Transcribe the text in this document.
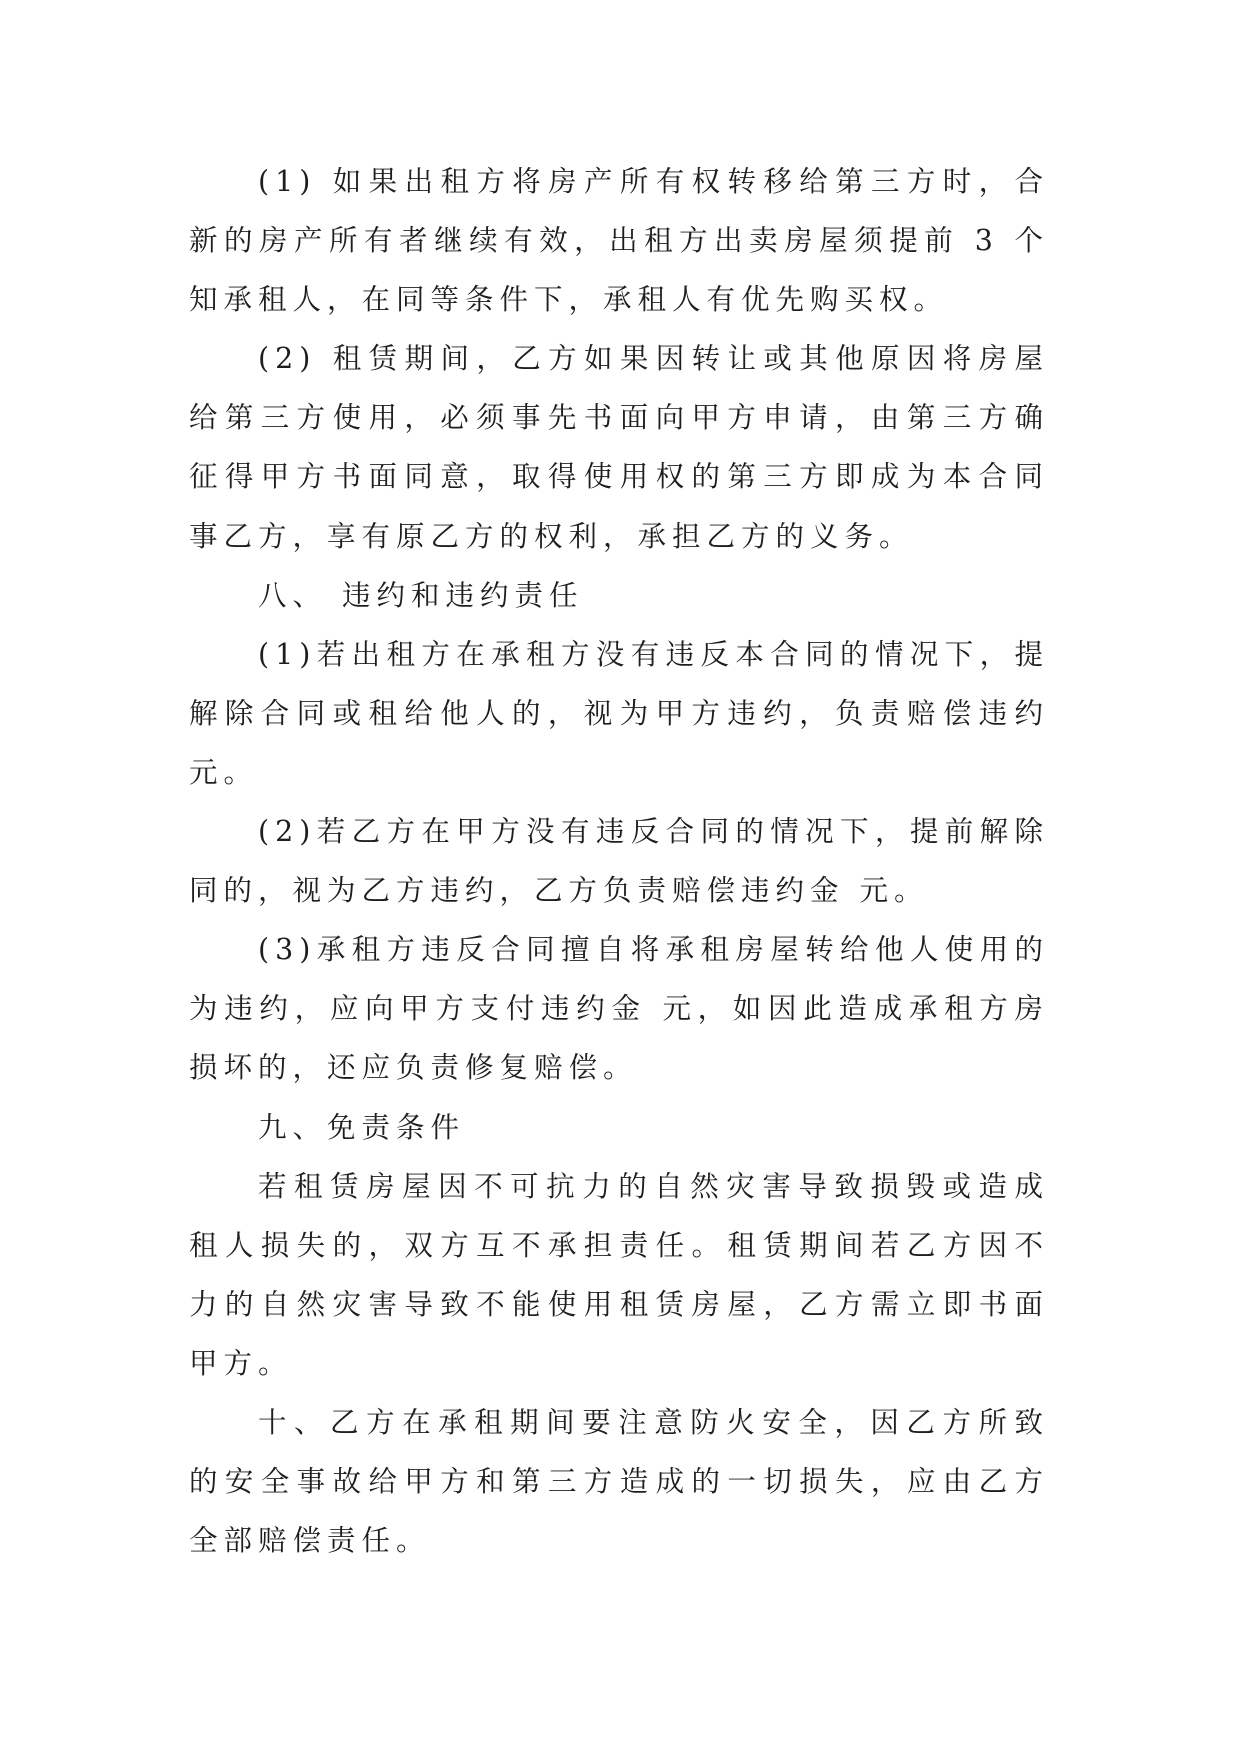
(1) 如果出租方将房产所有权转移给第三方时，合
新的房产所有者继续有效，出租方出卖房屋须提前 3 个
知承租人，在同等条件下，承租人有优先购买权。
(2) 租赁期间，乙方如果因转让或其他原因将房屋
给第三方使用，必须事先书面向甲方申请，由第三方确
征得甲方书面同意，取得使用权的第三方即成为本合同
事乙方，享有原乙方的权利，承担乙方的义务。
八、 违约和违约责任
(1)若出租方在承租方没有违反本合同的情况下，提
解除合同或租给他人的，视为甲方违约，负责赔偿违约
元。
(2)若乙方在甲方没有违反合同的情况下，提前解除
同的，视为乙方违约，乙方负责赔偿违约金 元。
(3)承租方违反合同擅自将承租房屋转给他人使用的
为违约，应向甲方支付违约金 元，如因此造成承租方房
损坏的，还应负责修复赔偿。
九、免责条件
若租赁房屋因不可抗力的自然灾害导致损毁或造成
租人损失的，双方互不承担责任。租赁期间若乙方因不
力的自然灾害导致不能使用租赁房屋，乙方需立即书面
甲方。
十、乙方在承租期间要注意防火安全，因乙方所致
的安全事故给甲方和第三方造成的一切损失，应由乙方
全部赔偿责任。
